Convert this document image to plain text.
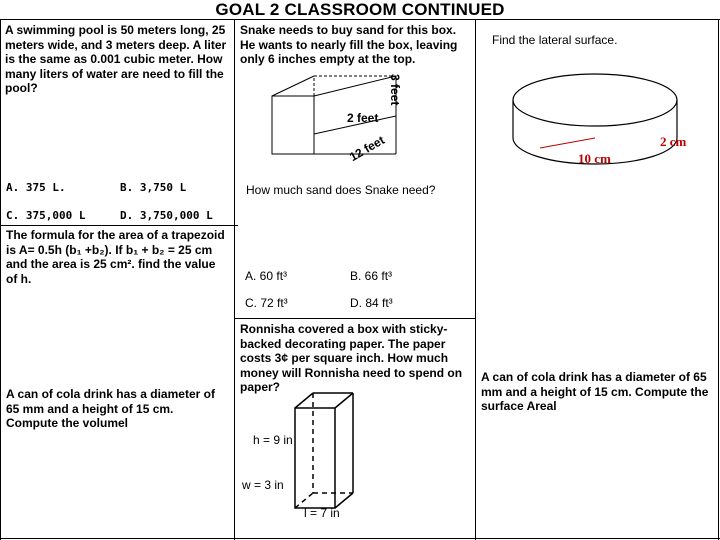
GOAL 2 CLASSROOM CONTINUED
A swimming pool is 50 meters long, 25 meters wide, and 3 meters deep. A liter is the same as 0.001 cubic meter. How many liters of water are need to fill the pool?
A. 375 L.	B. 3,750 L
C. 375,000 L	D. 3,750,000 L
Snake needs to buy sand for this box. He wants to nearly fill the box, leaving only 6 inches empty at the top.
3 feet
2 feet
12 feet
How much sand does Snake need?
A. 60 ft³	B. 66 ft³
C. 72 ft³	D. 84 ft³
Find the lateral surface.
2 cm
10 cm
The formula for the area of a trapezoid
is A= 0.5h (b₁ +b₂). If b₁ + b₂ = 25 cm
and the area is 25 cm². find the value
of h.
Ronnisha covered a box with sticky-backed decorating paper. The paper costs 3¢ per square inch. How much money will Ronnisha need to spend on paper?
h = 9 in
w = 3 in
l = 7 in
A can of cola drink has a diameter of 65 mm and a height of 15 cm. Compute the volumel
A can of cola drink has a diameter of 65 mm and a height of 15 cm. Compute the surface Areal
